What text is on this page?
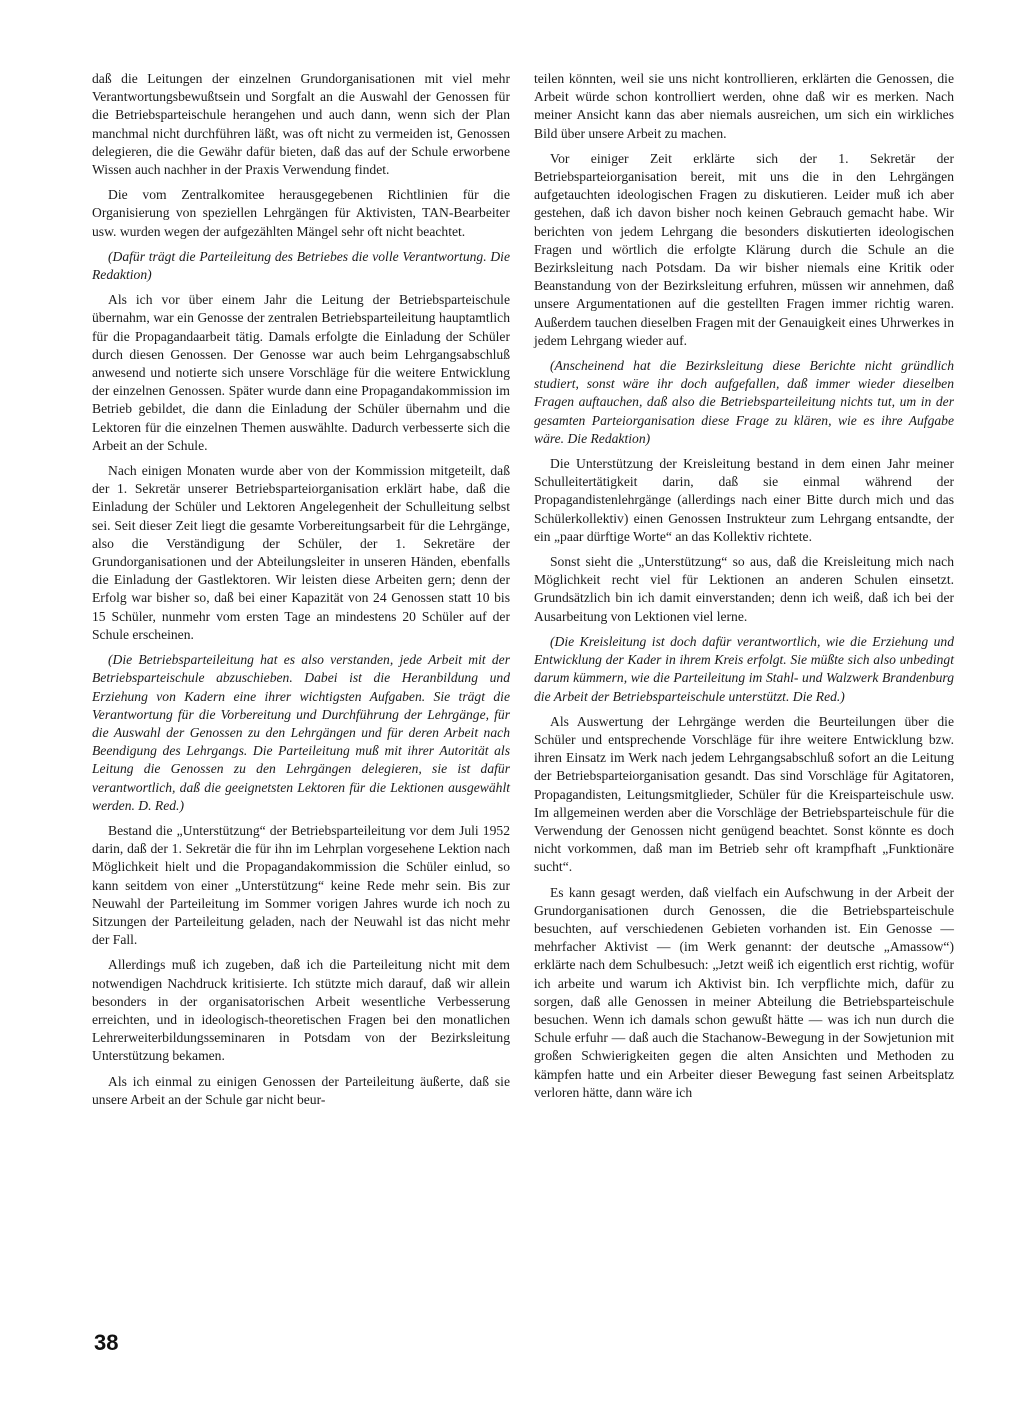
daß die Leitungen der einzelnen Grundorganisationen mit viel mehr Verantwortungsbewußtsein und Sorgfalt an die Auswahl der Genossen für die Betriebsparteischule herangehen und auch dann, wenn sich der Plan manchmal nicht durchführen läßt, was oft nicht zu vermeiden ist, Genossen delegieren, die die Gewähr dafür bieten, daß das auf der Schule erworbene Wissen auch nachher in der Praxis Verwendung findet.

Die vom Zentralkomitee herausgegebenen Richtlinien für die Organisierung von speziellen Lehrgängen für Aktivisten, TAN-Bearbeiter usw. wurden wegen der aufgezählten Mängel sehr oft nicht beachtet.

(Dafür trägt die Parteileitung des Betriebes die volle Verantwortung. Die Redaktion)

Als ich vor über einem Jahr die Leitung der Betriebsparteischule übernahm, war ein Genosse der zentralen Betriebsparteileitung hauptamtlich für die Propagandaarbeit tätig. Damals erfolgte die Einladung der Schüler durch diesen Genossen. Der Genosse war auch beim Lehrgangsabschluß anwesend und notierte sich unsere Vorschläge für die weitere Entwicklung der einzelnen Genossen. Später wurde dann eine Propagandakommission im Betrieb gebildet, die dann die Einladung der Schüler übernahm und die Lektoren für die einzelnen Themen auswählte. Dadurch verbesserte sich die Arbeit an der Schule.

Nach einigen Monaten wurde aber von der Kommission mitgeteilt, daß der 1. Sekretär unserer Betriebsparteiorganisation erklärt habe, daß die Einladung der Schüler und Lektoren Angelegenheit der Schulleitung selbst sei. Seit dieser Zeit liegt die gesamte Vorbereitungsarbeit für die Lehrgänge, also die Verständigung der Schüler, der 1. Sekretäre der Grundorganisationen und der Abteilungsleiter in unseren Händen, ebenfalls die Einladung der Gastlektoren. Wir leisten diese Arbeiten gern; denn der Erfolg war bisher so, daß bei einer Kapazität von 24 Genossen statt 10 bis 15 Schüler, nunmehr vom ersten Tage an mindestens 20 Schüler auf der Schule erscheinen.

(Die Betriebsparteileitung hat es also verstanden, jede Arbeit mit der Betriebsparteischule abzuschieben. Dabei ist die Heranbildung und Erziehung von Kadern eine ihrer wichtigsten Aufgaben. Sie trägt die Verantwortung für die Vorbereitung und Durchführung der Lehrgänge, für die Auswahl der Genossen zu den Lehrgängen und für deren Arbeit nach Beendigung des Lehrgangs. Die Parteileitung muß mit ihrer Autorität als Leitung die Genossen zu den Lehrgängen delegieren, sie ist dafür verantwortlich, daß die geeignetsten Lektoren für die Lektionen ausgewählt werden. D. Red.)

Bestand die „Unterstützung“ der Betriebsparteileitung vor dem Juli 1952 darin, daß der 1. Sekretär die für ihn im Lehrplan vorgesehene Lektion nach Möglichkeit hielt und die Propagandakommission die Schüler einlud, so kann seitdem von einer „Unterstützung“ keine Rede mehr sein. Bis zur Neuwahl der Parteileitung im Sommer vorigen Jahres wurde ich noch zu Sitzungen der Parteileitung geladen, nach der Neuwahl ist das nicht mehr der Fall.

Allerdings muß ich zugeben, daß ich die Parteileitung nicht mit dem notwendigen Nachdruck kritisierte. Ich stützte mich darauf, daß wir allein besonders in der organisatorischen Arbeit wesentliche Verbesserung erreichten, und in ideologisch-theoretischen Fragen bei den monatlichen Lehrerweiterbildungsseminaren in Potsdam von der Bezirksleitung Unterstützung bekamen.

Als ich einmal zu einigen Genossen der Parteileitung äußerte, daß sie unsere Arbeit an der Schule gar nicht beur-

teilen könnten, weil sie uns nicht kontrollieren, erklärten die Genossen, die Arbeit würde schon kontrolliert werden, ohne daß wir es merken. Nach meiner Ansicht kann das aber niemals ausreichen, um sich ein wirkliches Bild über unsere Arbeit zu machen.

Vor einiger Zeit erklärte sich der 1. Sekretär der Betriebsparteiorganisation bereit, mit uns die in den Lehrgängen aufgetauchten ideologischen Fragen zu diskutieren. Leider muß ich aber gestehen, daß ich davon bisher noch keinen Gebrauch gemacht habe. Wir berichten von jedem Lehrgang die besonders diskutierten ideologischen Fragen und wörtlich die erfolgte Klärung durch die Schule an die Bezirksleitung nach Potsdam. Da wir bisher niemals eine Kritik oder Beanstandung von der Bezirksleitung erfuhren, müssen wir annehmen, daß unsere Argumentationen auf die gestellten Fragen immer richtig waren. Außerdem tauchen dieselben Fragen mit der Genauigkeit eines Uhrwerkes in jedem Lehrgang wieder auf.

(Anscheinend hat die Bezirksleitung diese Berichte nicht gründlich studiert, sonst wäre ihr doch aufgefallen, daß immer wieder dieselben Fragen auftauchen, daß also die Betriebsparteileitung nichts tut, um in der gesamten Parteiorganisation diese Frage zu klären, wie es ihre Aufgabe wäre. Die Redaktion)

Die Unterstützung der Kreisleitung bestand in dem einen Jahr meiner Schulleitertätigkeit darin, daß sie einmal während der Propagandistenlehrgänge (allerdings nach einer Bitte durch mich und das Schülerkollektiv) einen Genossen Instrukteur zum Lehrgang entsandte, der ein „paar dürftige Worte“ an das Kollektiv richtete.

Sonst sieht die „Unterstützung“ so aus, daß die Kreisleitung mich nach Möglichkeit recht viel für Lektionen an anderen Schulen einsetzt. Grundsätzlich bin ich damit einverstanden; denn ich weiß, daß ich bei der Ausarbeitung von Lektionen viel lerne.

(Die Kreisleitung ist doch dafür verantwortlich, wie die Erziehung und Entwicklung der Kader in ihrem Kreis erfolgt. Sie müßte sich also unbedingt darum kümmern, wie die Parteileitung im Stahl- und Walzwerk Brandenburg die Arbeit der Betriebsparteischule unterstützt. Die Red.)

Als Auswertung der Lehrgänge werden die Beurteilungen über die Schüler und entsprechende Vorschläge für ihre weitere Entwicklung bzw. ihren Einsatz im Werk nach jedem Lehrgangsabschluß sofort an die Leitung der Betriebsparteiorganisation gesandt. Das sind Vorschläge für Agitatoren, Propagandisten, Leitungsmitglieder, Schüler für die Kreisparteischule usw. Im allgemeinen werden aber die Vorschläge der Betriebsparteischule für die Verwendung der Genossen nicht genügend beachtet. Sonst könnte es doch nicht vorkommen, daß man im Betrieb sehr oft krampfhaft „Funktionäre sucht“.

Es kann gesagt werden, daß vielfach ein Aufschwung in der Arbeit der Grundorganisationen durch Genossen, die die Betriebsparteischule besuchten, auf verschiedenen Gebieten vorhanden ist. Ein Genosse — mehrfacher Aktivist — (im Werk genannt: der deutsche „Amassow“) erklärte nach dem Schulbesuch: „Jetzt weiß ich eigentlich erst richtig, wofür ich arbeite und warum ich Aktivist bin. Ich verpflichte mich, dafür zu sorgen, daß alle Genossen in meiner Abteilung die Betriebsparteischule besuchen. Wenn ich damals schon gewußt hätte — was ich nun durch die Schule erfuhr — daß auch die Stachanow-Bewegung in der Sowjetunion mit großen Schwierigkeiten gegen die alten Ansichten und Methoden zu kämpfen hatte und ein Arbeiter dieser Bewegung fast seinen Arbeitsplatz verloren hätte, dann wäre ich

38
